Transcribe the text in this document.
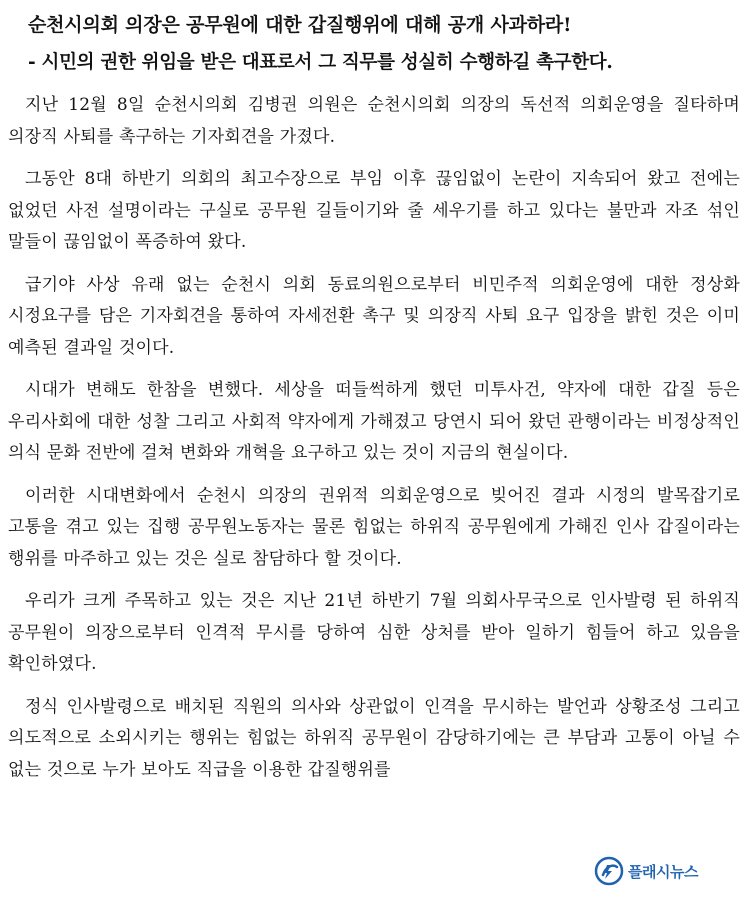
순천시의회 의장은 공무원에 대한 갑질행위에 대해 공개 사과하라!
- 시민의 권한 위임을 받은 대표로서 그 직무를 성실히 수행하길 촉구한다.

지난 12월 8일 순천시의회 김병권 의원은 순천시의회 의장의 독선적 의회운영을 질타하며 의장직 사퇴를 촉구하는 기자회견을 가졌다.

그동안 8대 하반기 의회의 최고수장으로 부임 이후 끊임없이 논란이 지속되어 왔고 전에는 없었던 사전 설명이라는 구실로 공무원 길들이기와 줄 세우기를 하고 있다는 불만과 자조 섞인 말들이 끊임없이 폭증하여 왔다.

급기야 사상 유래 없는 순천시 의회 동료의원으로부터 비민주적 의회운영에 대한 정상화 시정요구를 담은 기자회견을 통하여 자세전환 촉구 및 의장직 사퇴 요구 입장을 밝힌 것은 이미 예측된 결과일 것이다.

시대가 변해도 한참을 변했다. 세상을 떠들썩하게 했던 미투사건, 약자에 대한 갑질 등은 우리사회에 대한 성찰 그리고 사회적 약자에게 가해졌고 당연시 되어 왔던 관행이라는 비정상적인 의식 문화 전반에 걸쳐 변화와 개혁을 요구하고 있는 것이 지금의 현실이다.

이러한 시대변화에서 순천시 의장의 권위적 의회운영으로 빚어진 결과 시정의 발목잡기로 고통을 겪고 있는 집행 공무원노동자는 물론 힘없는 하위직 공무원에게 가해진 인사 갑질이라는 행위를 마주하고 있는 것은 실로 참담하다 할 것이다.

우리가 크게 주목하고 있는 것은 지난 21년 하반기 7월 의회사무국으로 인사발령 된 하위직 공무원이 의장으로부터 인격적 무시를 당하여 심한 상처를 받아 일하기 힘들어 하고 있음을 확인하였다.

정식 인사발령으로 배치된 직원의 의사와 상관없이 인격을 무시하는 발언과 상황조성 그리고 의도적으로 소외시키는 행위는 힘없는 하위직 공무원이 감당하기에는 큰 부담과 고통이 아닐 수 없는 것으로 누가 보아도 직급을 이용한 갑질행위를

플래시뉴스
